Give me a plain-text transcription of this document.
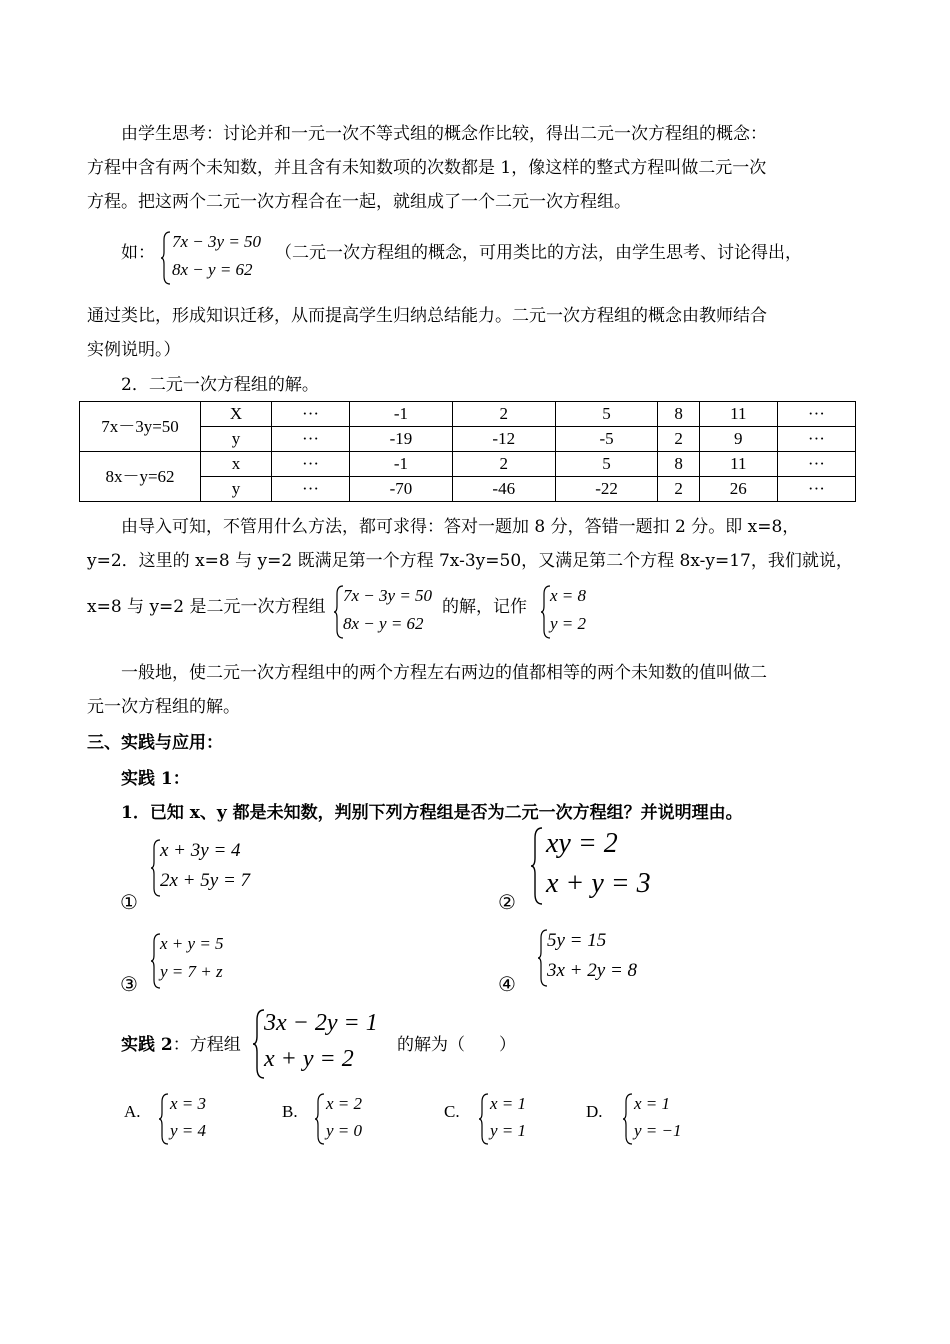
由学生思考：讨论并和一元一次不等式组的概念作比较，得出二元一次方程组的概念：
方程中含有两个未知数，并且含有未知数项的次数都是 1，像这样的整式方程叫做二元一次
方程。把这两个二元一次方程合在一起，就组成了一个二元一次方程组。
如：
7x − 3y = 50
8x − y = 62
（二元一次方程组的概念，可用类比的方法，由学生思考、讨论得出，
通过类比，形成知识迁移，从而提高学生归纳总结能力。二元一次方程组的概念由教师结合
实例说明。）
2．二元一次方程组的解。
7x－3y=50	X	···	-1	2	5	8	11	···
	y	···	-19	-12	-5	2	9	···
8x－y=62	x	···	-1	2	5	8	11	···
	y	···	-70	-46	-22	2	26	···
由导入可知，不管用什么方法，都可求得：答对一题加 8 分，答错一题扣 2 分。即 x=8，
y=2．这里的 x=8 与 y=2 既满足第一个方程 7x-3y=50，又满足第二个方程 8x-y=17，我们就说，
x=8 与 y=2 是二元一次方程组
7x − 3y = 50
8x − y = 62
的解，记作
x = 8
y = 2
一般地，使二元一次方程组中的两个方程左右两边的值都相等的两个未知数的值叫做二
元一次方程组的解。
三、实践与应用：
实践 1：
1．已知 x、y 都是未知数，判别下列方程组是否为二元一次方程组？并说明理由。
①
x + 3y = 4
2x + 5y = 7
②
xy = 2
x + y = 3
③
x + y = 5
y = 7 + z
④
5y = 15
3x + 2y = 8
实践 2：方程组
3x − 2y = 1
x + y = 2
的解为（　　）
A. x = 3
y = 4
B. x = 2
y = 0
C. x = 1
y = 1
D. x = 1
y = −1
